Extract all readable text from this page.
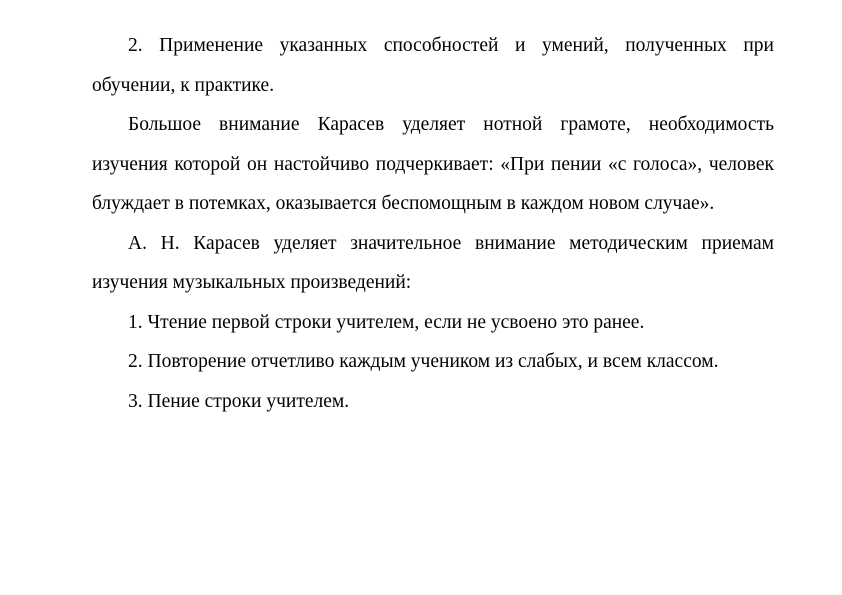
2. Применение указанных способностей и умений, полученных при обучении, к практике.

Большое внимание Карасев уделяет нотной грамоте, необходимость изучения которой он настойчиво подчеркивает: «При пении «с голоса», человек блуждает в потемках, оказывается беспомощным в каждом новом случае».

А. Н. Карасев уделяет значительное внимание методическим приемам изучения музыкальных произведений:

1. Чтение первой строки учителем, если не усвоено это ранее.

2. Повторение отчетливо каждым учеником из слабых, и всем классом.

3. Пение строки учителем.
